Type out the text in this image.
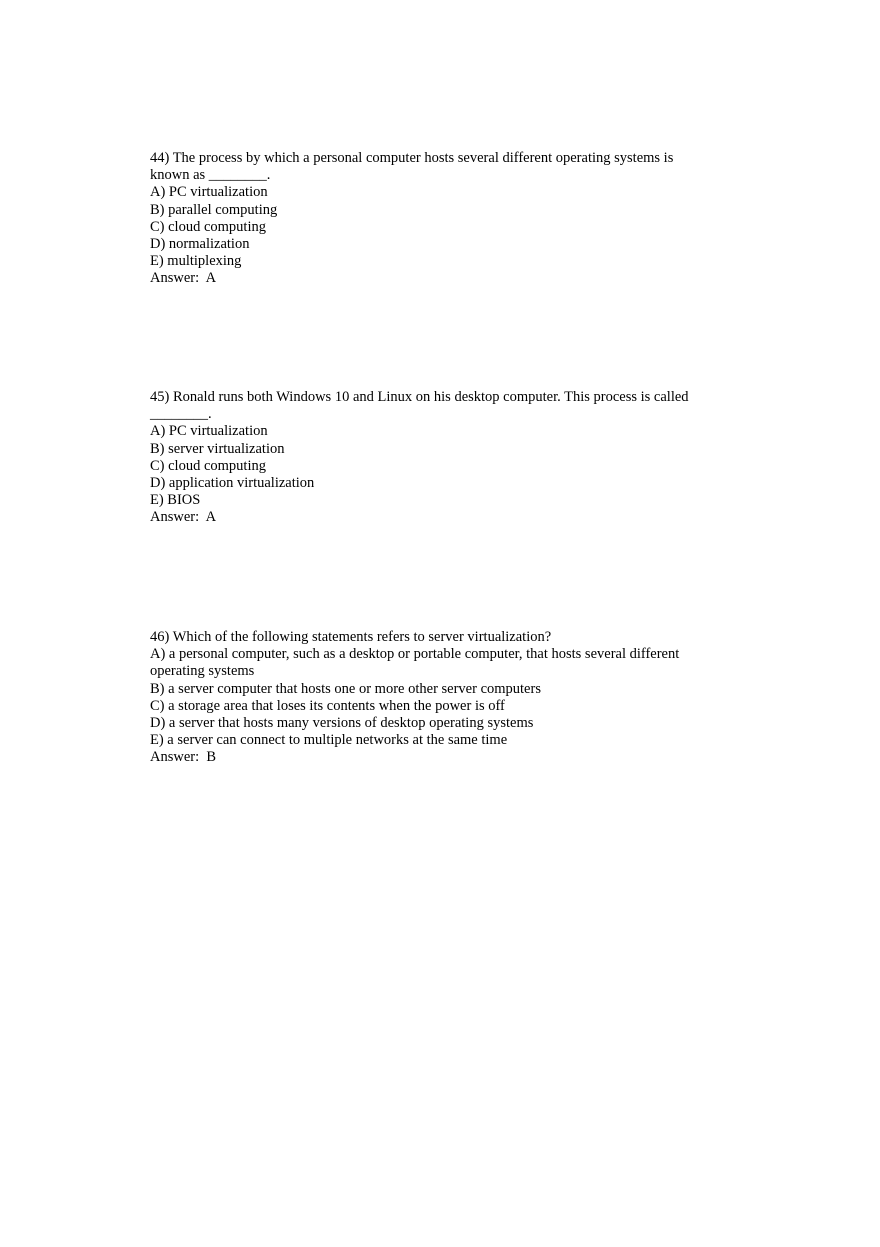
44) The process by which a personal computer hosts several different operating systems is
known as ________.
A) PC virtualization
B) parallel computing
C) cloud computing
D) normalization
E) multiplexing
Answer:  A
45) Ronald runs both Windows 10 and Linux on his desktop computer. This process is called
________.
A) PC virtualization
B) server virtualization
C) cloud computing
D) application virtualization
E) BIOS
Answer:  A
46) Which of the following statements refers to server virtualization?
A) a personal computer, such as a desktop or portable computer, that hosts several different
operating systems
B) a server computer that hosts one or more other server computers
C) a storage area that loses its contents when the power is off
D) a server that hosts many versions of desktop operating systems
E) a server can connect to multiple networks at the same time
Answer:  B
